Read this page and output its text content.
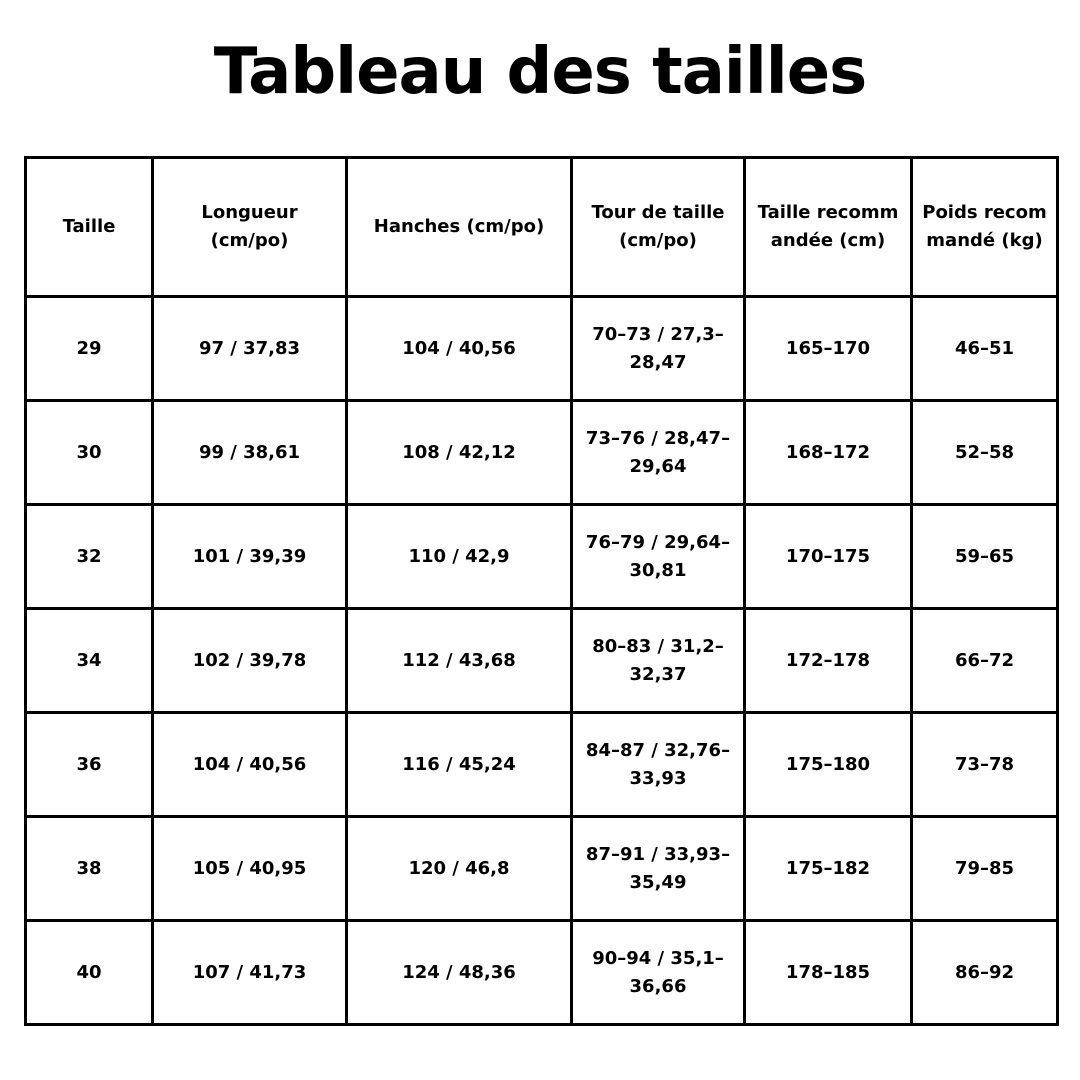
Tableau des tailles
Taille	Longueur (cm/po)	Hanches (cm/po)	Tour de taille (cm/po)	Taille recommandée (cm)	Poids recommandé (kg)
29	97 / 37,83	104 / 40,56	70–73 / 27,3–28,47	165–170	46–51
30	99 / 38,61	108 / 42,12	73–76 / 28,47–29,64	168–172	52–58
32	101 / 39,39	110 / 42,9	76–79 / 29,64–30,81	170–175	59–65
34	102 / 39,78	112 / 43,68	80–83 / 31,2–32,37	172–178	66–72
36	104 / 40,56	116 / 45,24	84–87 / 32,76–33,93	175–180	73–78
38	105 / 40,95	120 / 46,8	87–91 / 33,93–35,49	175–182	79–85
40	107 / 41,73	124 / 48,36	90–94 / 35,1–36,66	178–185	86–92
